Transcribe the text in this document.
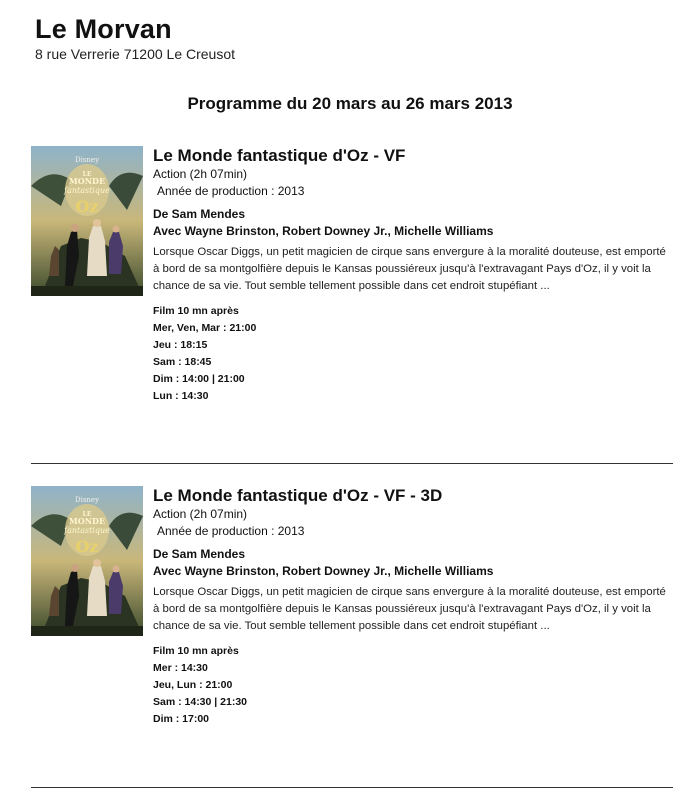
Le Morvan
8 rue Verrerie 71200 Le Creusot
Programme du 20 mars au 26 mars 2013
Disney
LE
MONDE
fantastique
Oz
Le Monde fantastique d'Oz - VF
Action (2h 07min)
Année de production : 2013
De Sam Mendes
Avec Wayne Brinston, Robert Downey Jr., Michelle Williams
Lorsque Oscar Diggs, un petit magicien de cirque sans envergure à la moralité douteuse, est emporté à bord de sa montgolfière depuis le Kansas poussiéreux jusqu'à l'extravagant Pays d'Oz, il y voit la chance de sa vie. Tout semble tellement possible dans cet endroit stupéfiant ...
Film 10 mn après
Mer, Ven, Mar : 21:00
Jeu : 18:15
Sam : 18:45
Dim : 14:00 | 21:00
Lun : 14:30
Disney
LE
MONDE
fantastique
Oz
Le Monde fantastique d'Oz - VF - 3D
Action (2h 07min)
Année de production : 2013
De Sam Mendes
Avec Wayne Brinston, Robert Downey Jr., Michelle Williams
Lorsque Oscar Diggs, un petit magicien de cirque sans envergure à la moralité douteuse, est emporté à bord de sa montgolfière depuis le Kansas poussiéreux jusqu'à l'extravagant Pays d'Oz, il y voit la chance de sa vie. Tout semble tellement possible dans cet endroit stupéfiant ...
Film 10 mn après
Mer : 14:30
Jeu, Lun : 21:00
Sam : 14:30 | 21:30
Dim : 17:00
